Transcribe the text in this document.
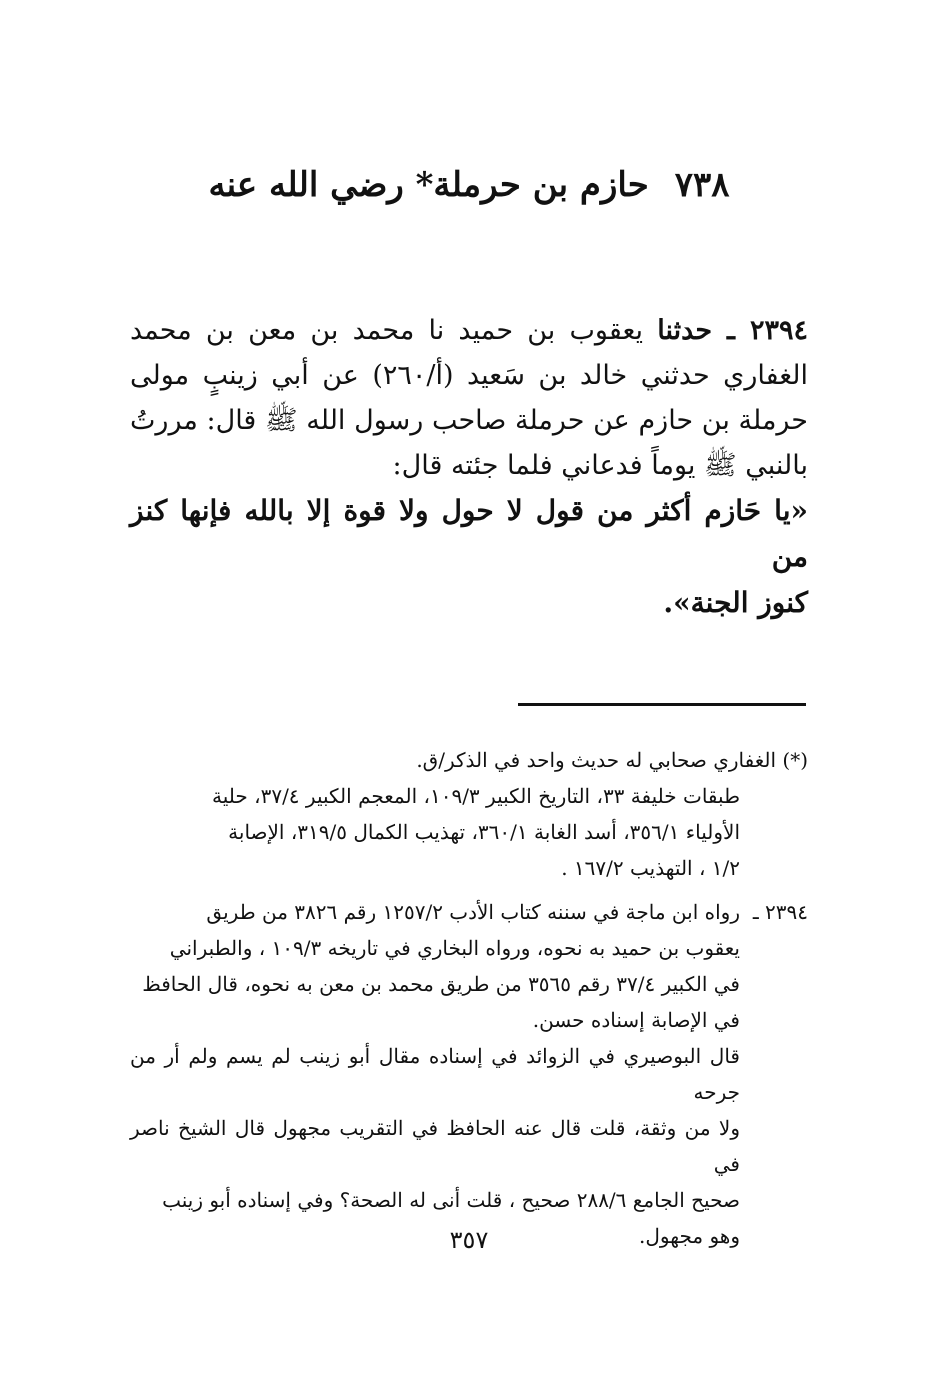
٧٣٨حازم بن حرملة* رضي الله عنه

٢٣٩٤ ـ حدثنا يعقوب بن حميد نا محمد بن معن بن محمد الغفاري حدثني خالد بن سَعيد (أ/٢٦٠) عن أبي زينبٍ مولى حرملة بن حازم عن حرملة صاحب رسول الله ﷺ قال: مررتُ بالنبي ﷺ يوماً فدعاني فلما جئته قال:

«يا حَازم أكثر من قول لا حول ولا قوة إلا بالله فإنها كنز من
كنوز الجنة».

(*) الغفاري صحابي له حديث واحد في الذكر/ق.
طبقات خليفة ٣٣، التاريخ الكبير ١٠٩/٣، المعجم الكبير ٣٧/٤، حلية
الأولياء ٣٥٦/١، أسد الغابة ٣٦٠/١، تهذيب الكمال ٣١٩/٥، الإصابة
١/٢ ، التهذيب ١٦٧/٢ .
٢٣٩٤ ـ
رواه ابن ماجة في سننه كتاب الأدب ١٢٥٧/٢ رقم ٣٨٢٦ من طريق
يعقوب بن حميد به نحوه، ورواه البخاري في تاريخه ١٠٩/٣ ، والطبراني
في الكبير ٣٧/٤ رقم ٣٥٦٥ من طريق محمد بن معن به نحوه، قال الحافظ
في الإصابة إسناده حسن.
قال البوصيري في الزوائد في إسناده مقال أبو زينب لم يسم ولم أر من جرحه
ولا من وثقة، قلت قال عنه الحافظ في التقريب مجهول قال الشيخ ناصر في
صحيح الجامع ٢٨٨/٦ صحيح ، قلت أنى له الصحة؟ وفي إسناده أبو زينب
وهو مجهول.
٣٥٧
